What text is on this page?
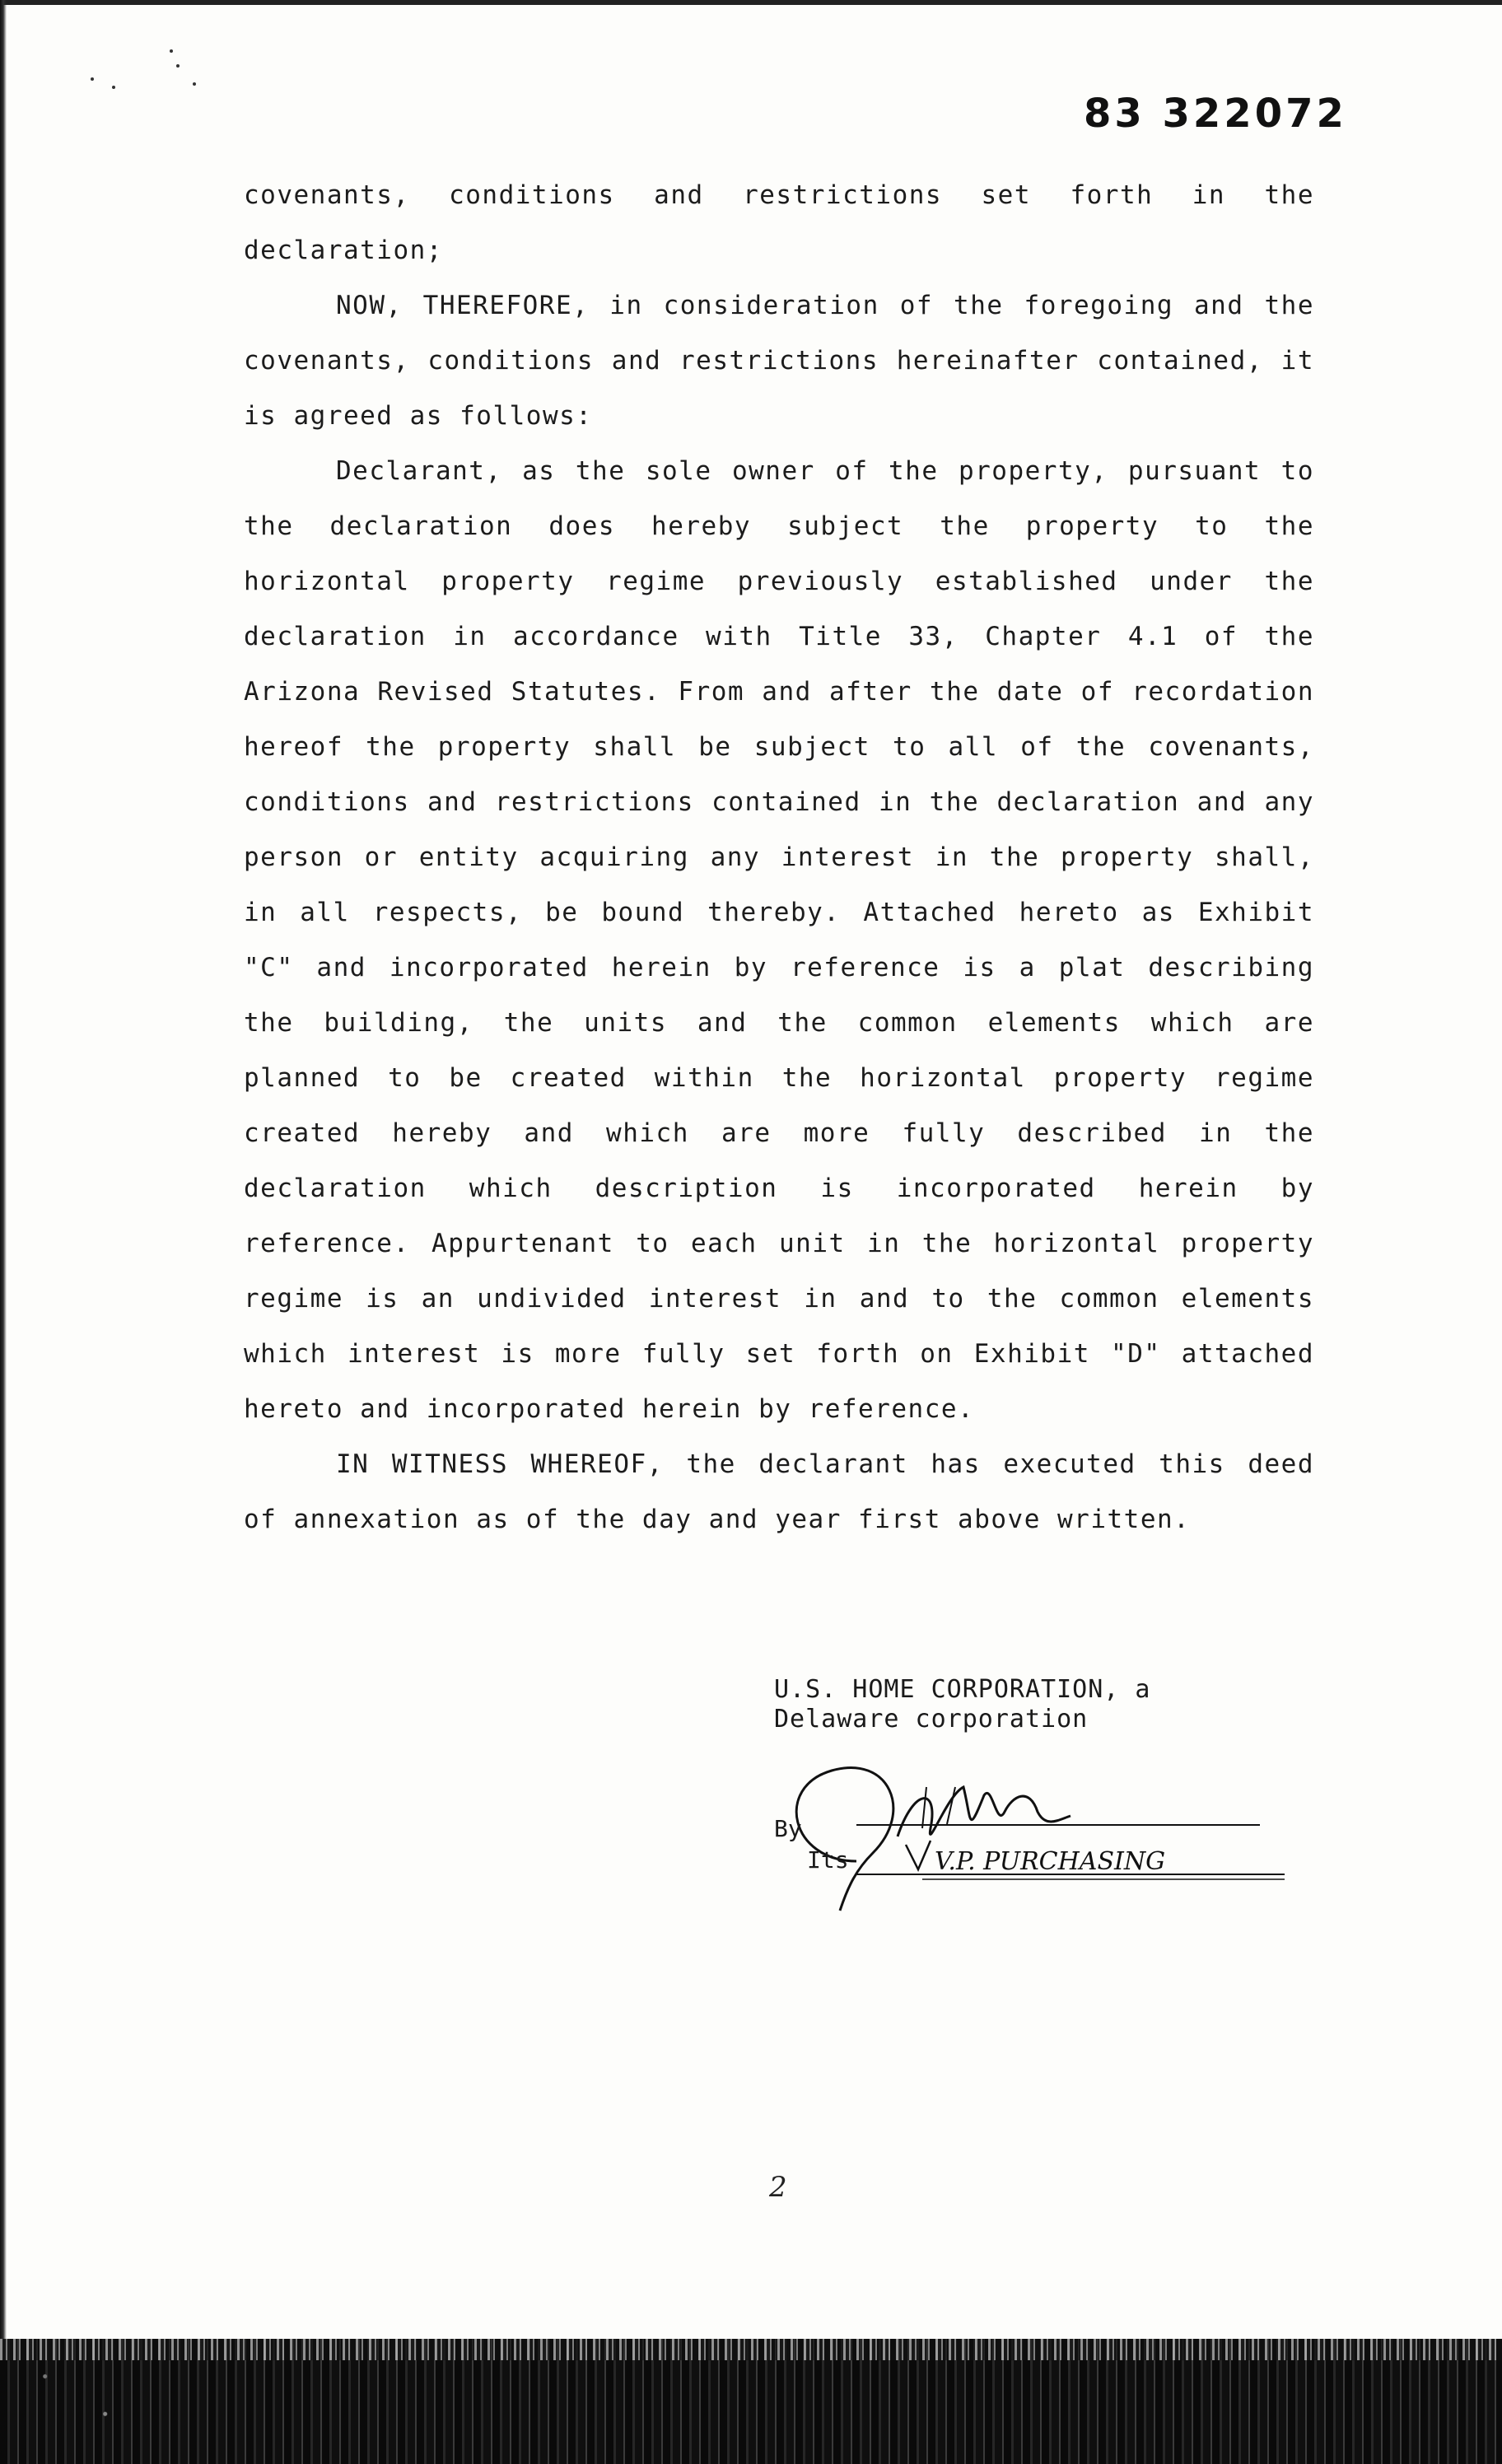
83 322072

covenants, conditions and restrictions set forth in the declaration;

NOW, THEREFORE, in consideration of the foregoing and the covenants, conditions and restrictions hereinafter contained, it is agreed as follows:

Declarant, as the sole owner of the property, pursuant to the declaration does hereby subject the property to the horizontal property regime previously established under the declaration in accordance with Title 33, Chapter 4.1 of the Arizona Revised Statutes. From and after the date of recordation hereof the property shall be subject to all of the covenants, conditions and restrictions contained in the declaration and any person or entity acquiring any interest in the property shall, in all respects, be bound thereby. Attached hereto as Exhibit "C" and incorporated herein by reference is a plat describing the building, the units and the common elements which are planned to be created within the horizontal property regime created hereby and which are more fully described in the declaration which description is incorporated herein by reference. Appurtenant to each unit in the horizontal property regime is an undivided interest in and to the common elements which interest is more fully set forth on Exhibit "D" attached hereto and incorporated herein by reference.

IN WITNESS WHEREOF, the declarant has executed this deed of annexation as of the day and year first above written.

U.S. HOME CORPORATION, a
Delaware corporation
V.P. PURCHASING
By
Its
2
